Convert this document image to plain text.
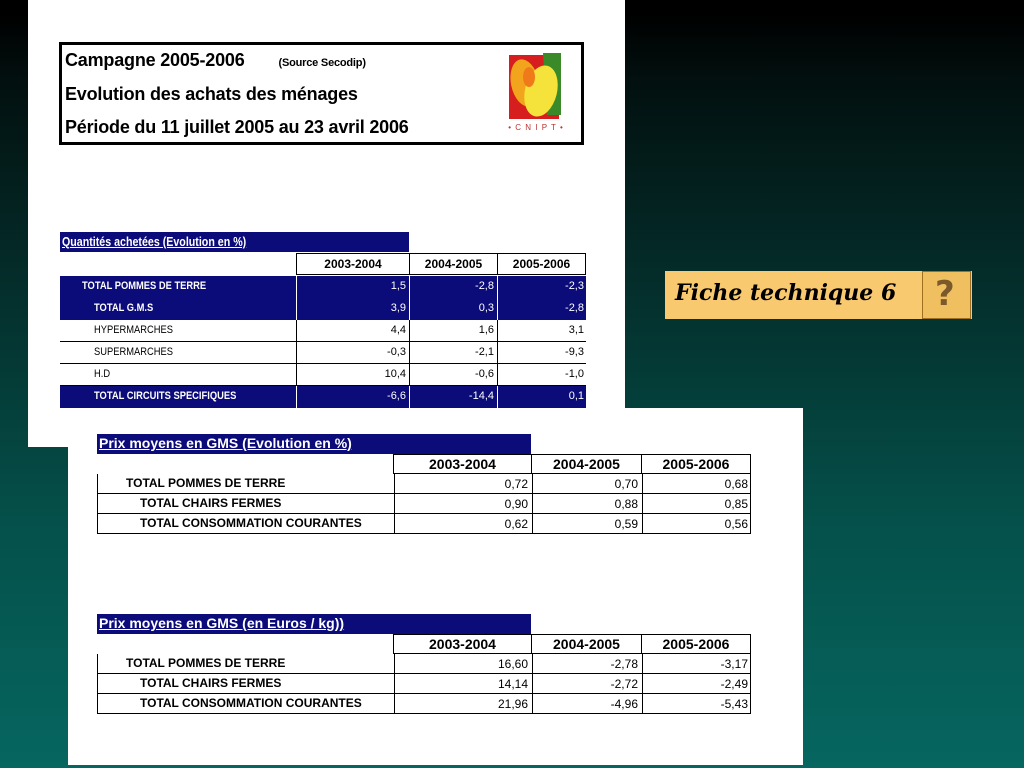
Campagne 2005-2006	(Source Secodip)
Evolution des achats des ménages
Période du 11 juillet 2005 au 23 avril 2006	• C N I P T •
Quantités achetées (Evolution en %)
2003-2004	2004-2005	2005-2006
TOTAL POMMES DE TERRE	1,5	-2,8	-2,3
TOTAL G.M.S	3,9	0,3	-2,8
HYPERMARCHES	4,4	1,6	3,1
SUPERMARCHES	-0,3	-2,1	-9,3
H.D	10,4	-0,6	-1,0
TOTAL CIRCUITS SPECIFIQUES	-6,6	-14,4	0,1
Prix moyens en GMS (Evolution en %)
2003-2004	2004-2005	2005-2006
TOTAL POMMES DE TERRE	0,72	0,70	0,68
TOTAL CHAIRS FERMES	0,90	0,88	0,85
TOTAL CONSOMMATION COURANTES	0,62	0,59	0,56
Prix moyens en GMS (en Euros / kg))
2003-2004	2004-2005	2005-2006
TOTAL POMMES DE TERRE	16,60	-2,78	-3,17
TOTAL CHAIRS FERMES	14,14	-2,72	-2,49
TOTAL CONSOMMATION COURANTES	21,96	-4,96	-5,43
Fiche technique 6 ?
